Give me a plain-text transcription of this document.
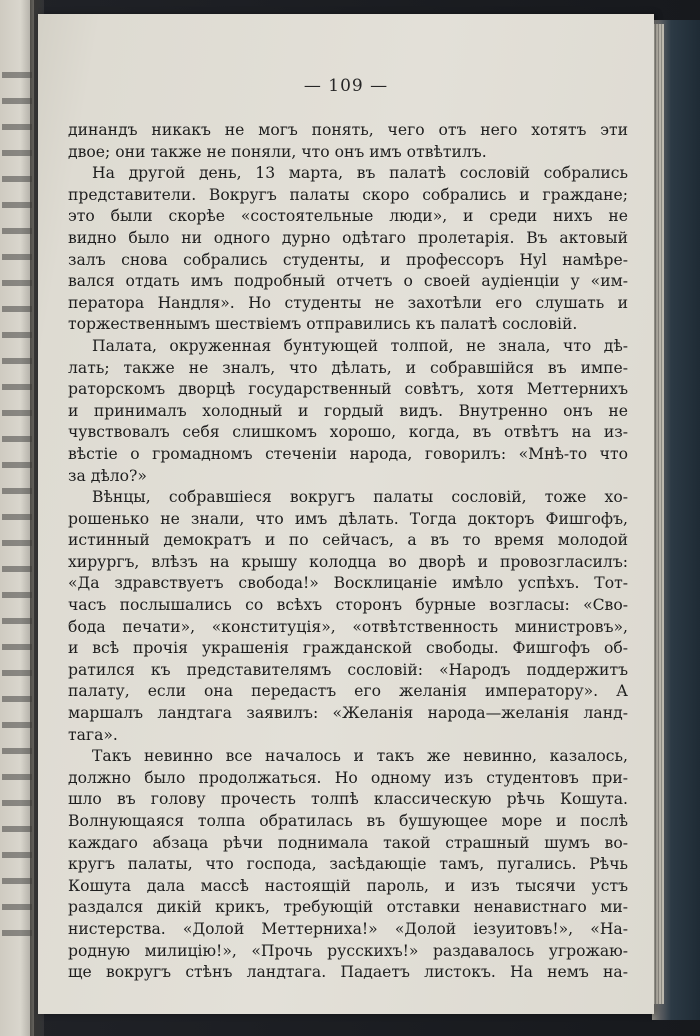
— 109 —
динандъ никакъ не могъ понять, чего отъ него хотятъ эти
двое; они также не поняли, что онъ имъ отвѣтилъ.
На другой день, 13 марта, въ палатѣ сословій собрались
представители. Вокругъ палаты скоро собрались и граждане;
это были скорѣе «состоятельные люди», и среди нихъ не
видно было ни одного дурно одѣтаго пролетарія. Въ актовый
залъ снова собрались студенты, и профессоръ Hyl намѣре-
вался отдать имъ подробный отчетъ о своей аудіенціи у «им-
ператора Нандля». Но студенты не захотѣли его слушать и
торжественнымъ шествіемъ отправились къ палатѣ сословій.
Палата, окруженная бунтующей толпой, не знала, что дѣ-
лать; также не зналъ, что дѣлать, и собравшійся въ импе-
раторскомъ дворцѣ государственный совѣтъ, хотя Меттернихъ
и принималъ холодный и гордый видъ. Внутренно онъ не
чувствовалъ себя слишкомъ хорошо, когда, въ отвѣтъ на из-
вѣстіе о громадномъ стеченіи народа, говорилъ: «Мнѣ-то что
за дѣло?»
Вѣнцы, собравшіеся вокругъ палаты сословій, тоже хо-
рошенько не знали, что имъ дѣлать. Тогда докторъ Фишгофъ,
истинный демократъ и по сейчасъ, а въ то время молодой
хирургъ, влѣзъ на крышу колодца во дворѣ и провозгласилъ:
«Да здравствуетъ свобода!» Восклицаніе имѣло успѣхъ. Тот-
часъ послышались со всѣхъ сторонъ бурные возгласы: «Сво-
бода печати», «конституція», «отвѣтственность министровъ»,
и всѣ прочія украшенія гражданской свободы. Фишгофъ об-
ратился къ представителямъ сословій: «Народъ поддержитъ
палату, если она передастъ его желанія императору». А
маршалъ ландтага заявилъ: «Желанія народа—желанія ланд-
тага».
Такъ невинно все началось и такъ же невинно, казалось,
должно было продолжаться. Но одному изъ студентовъ при-
шло въ голову прочесть толпѣ классическую рѣчь Кошута.
Волнующаяся толпа обратилась въ бушующее море и послѣ
каждаго абзаца рѣчи поднимала такой страшный шумъ во-
кругъ палаты, что господа, засѣдающіе тамъ, пугались. Рѣчь
Кошута дала массѣ настоящій пароль, и изъ тысячи устъ
раздался дикій крикъ, требующій отставки ненавистнаго ми-
нистерства. «Долой Меттерниха!» «Долой іезуитовъ!», «На-
родную милицію!», «Прочь русскихъ!» раздавалось угрожаю-
ще вокругъ стѣнъ ландтага. Падаетъ листокъ. На немъ на-
